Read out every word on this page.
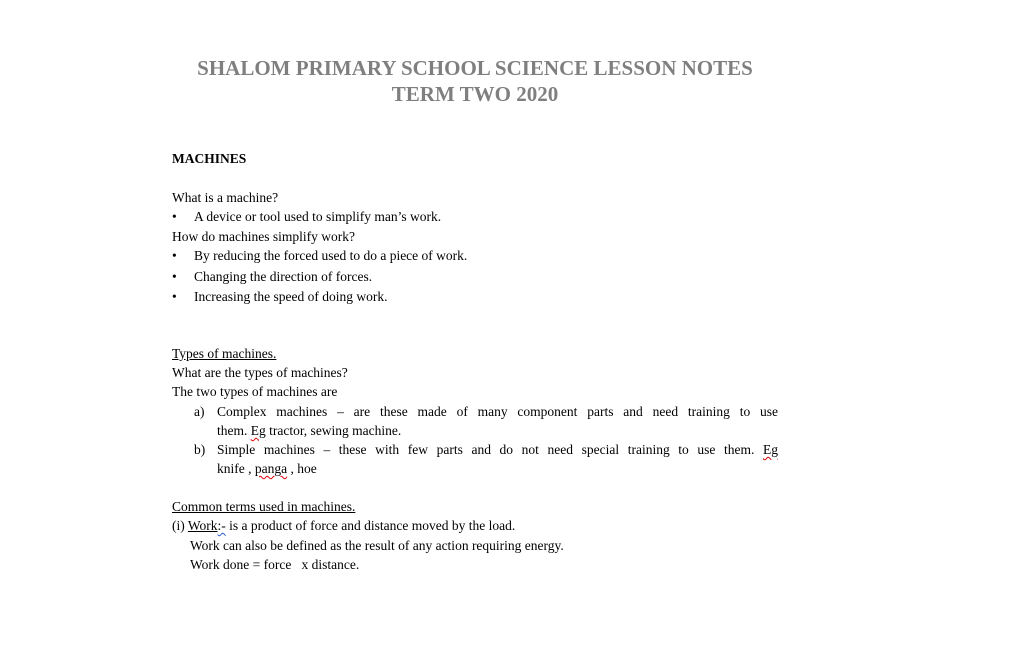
SHALOM PRIMARY SCHOOL SCIENCE LESSON NOTES
TERM TWO 2020
MACHINES
What is a machine?
• A device or tool used to simplify man’s work.
How do machines simplify work?
• By reducing the forced used to do a piece of work.
• Changing the direction of forces.
• Increasing the speed of doing work.
Types of machines.
What are the types of machines?
The two types of machines are
a) Complex machines – are these made of many component parts and need training to use
them. Eg tractor, sewing machine.
b) Simple machines – these with few parts and do not need special training to use them. Eg
knife , panga , hoe
Common terms used in machines.
(i) Work:- is a product of force and distance moved by the load.
Work can also be defined as the result of any action requiring energy.
Work done = force   x distance.
